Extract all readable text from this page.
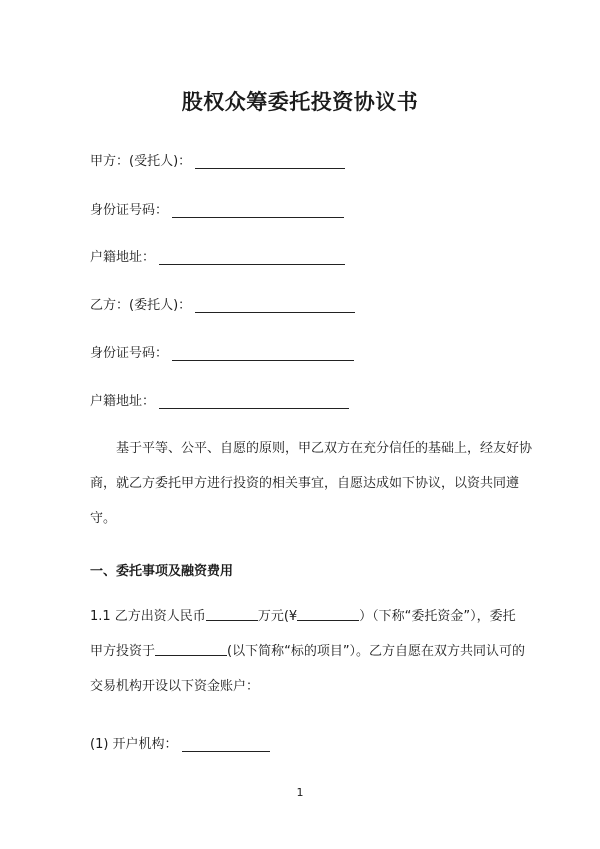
股权众筹委托投资协议书
甲方：(受托人)：
身份证号码：
户籍地址：
乙方：(委托人)：
身份证号码：
户籍地址：
基于平等、公平、自愿的原则，甲乙双方在充分信任的基础上，经友好协
商，就乙方委托甲方进行投资的相关事宜，自愿达成如下协议，以资共同遵
守。
一、委托事项及融资费用
1.1 乙方出资人民币	万元(¥	）（下称“委托资金”），委托
甲方投资于	(以下简称“标的项目”）。乙方自愿在双方共同认可的
交易机构开设以下资金账户：
(1) 开户机构：
1
